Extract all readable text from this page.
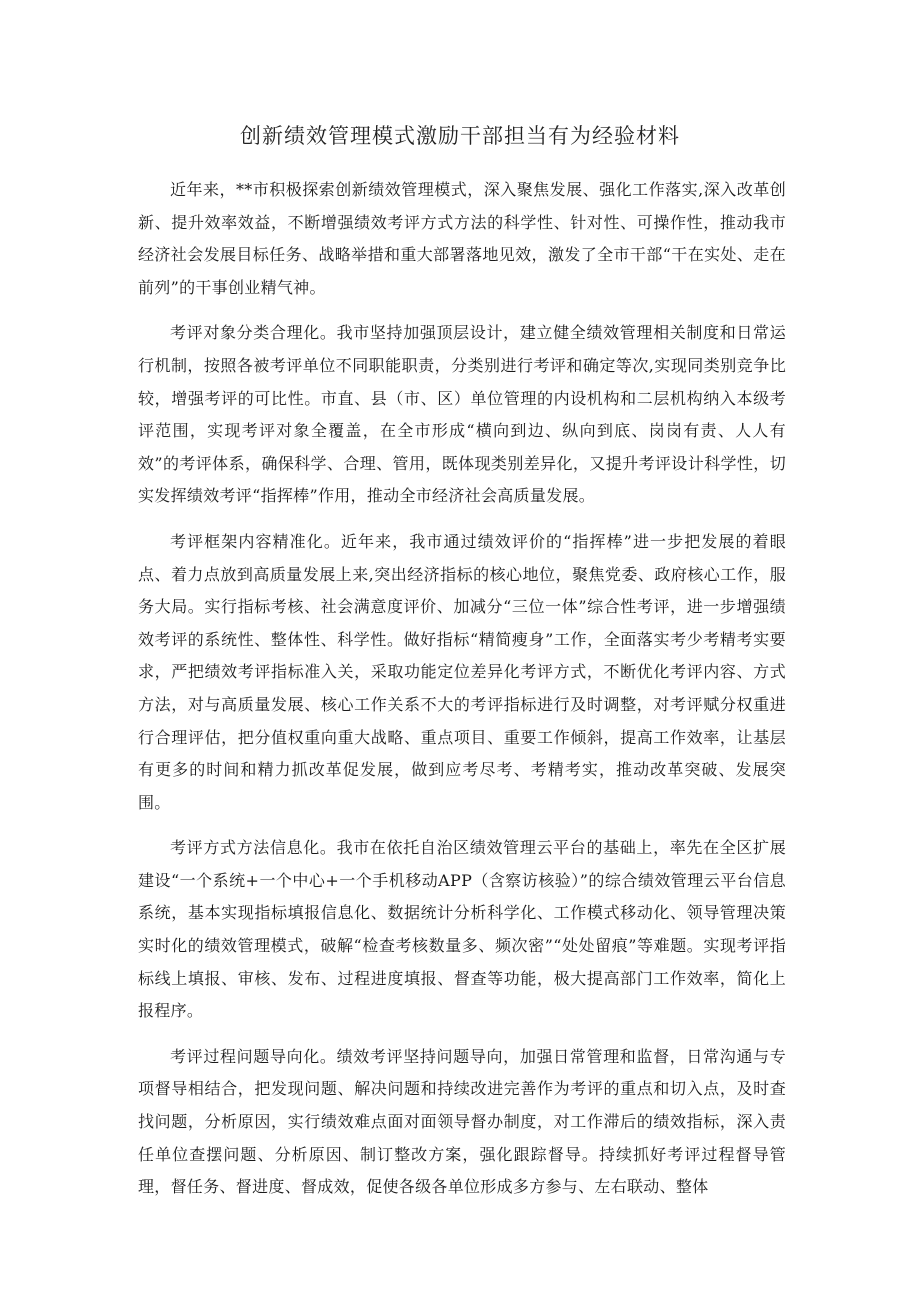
创新绩效管理模式激励干部担当有为经验材料

近年来，**市积极探索创新绩效管理模式，深入聚焦发展、强化工作落实,深入改革创新、提升效率效益，不断增强绩效考评方式方法的科学性、针对性、可操作性，推动我市经济社会发展目标任务、战略举措和重大部署落地见效，激发了全市干部“干在实处、走在前列”的干事创业精气神。

考评对象分类合理化。我市坚持加强顶层设计，建立健全绩效管理相关制度和日常运行机制，按照各被考评单位不同职能职责，分类别进行考评和确定等次,实现同类别竞争比较，增强考评的可比性。市直、县（市、区）单位管理的内设机构和二层机构纳入本级考评范围，实现考评对象全覆盖，在全市形成“横向到边、纵向到底、岗岗有责、人人有效”的考评体系，确保科学、合理、管用，既体现类别差异化，又提升考评设计科学性，切实发挥绩效考评“指挥棒”作用，推动全市经济社会高质量发展。

考评框架内容精准化。近年来，我市通过绩效评价的“指挥棒”进一步把发展的着眼点、着力点放到高质量发展上来,突出经济指标的核心地位，聚焦党委、政府核心工作，服务大局。实行指标考核、社会满意度评价、加减分“三位一体”综合性考评，进一步增强绩效考评的系统性、整体性、科学性。做好指标“精简瘦身”工作，全面落实考少考精考实要求，严把绩效考评指标准入关，采取功能定位差异化考评方式，不断优化考评内容、方式方法，对与高质量发展、核心工作关系不大的考评指标进行及时调整，对考评赋分权重进行合理评估，把分值权重向重大战略、重点项目、重要工作倾斜，提高工作效率，让基层有更多的时间和精力抓改革促发展，做到应考尽考、考精考实，推动改革突破、发展突围。

考评方式方法信息化。我市在依托自治区绩效管理云平台的基础上，率先在全区扩展建设“一个系统+一个中心+一个手机移动APP（含察访核验）”的综合绩效管理云平台信息系统，基本实现指标填报信息化、数据统计分析科学化、工作模式移动化、领导管理决策实时化的绩效管理模式，破解“检查考核数量多、频次密”“处处留痕”等难题。实现考评指标线上填报、审核、发布、过程进度填报、督查等功能，极大提高部门工作效率，简化上报程序。

考评过程问题导向化。绩效考评坚持问题导向，加强日常管理和监督，日常沟通与专项督导相结合，把发现问题、解决问题和持续改进完善作为考评的重点和切入点，及时查找问题，分析原因，实行绩效难点面对面领导督办制度，对工作滞后的绩效指标，深入责任单位查摆问题、分析原因、制订整改方案，强化跟踪督导。持续抓好考评过程督导管理，督任务、督进度、督成效，促使各级各单位形成多方参与、左右联动、整体
